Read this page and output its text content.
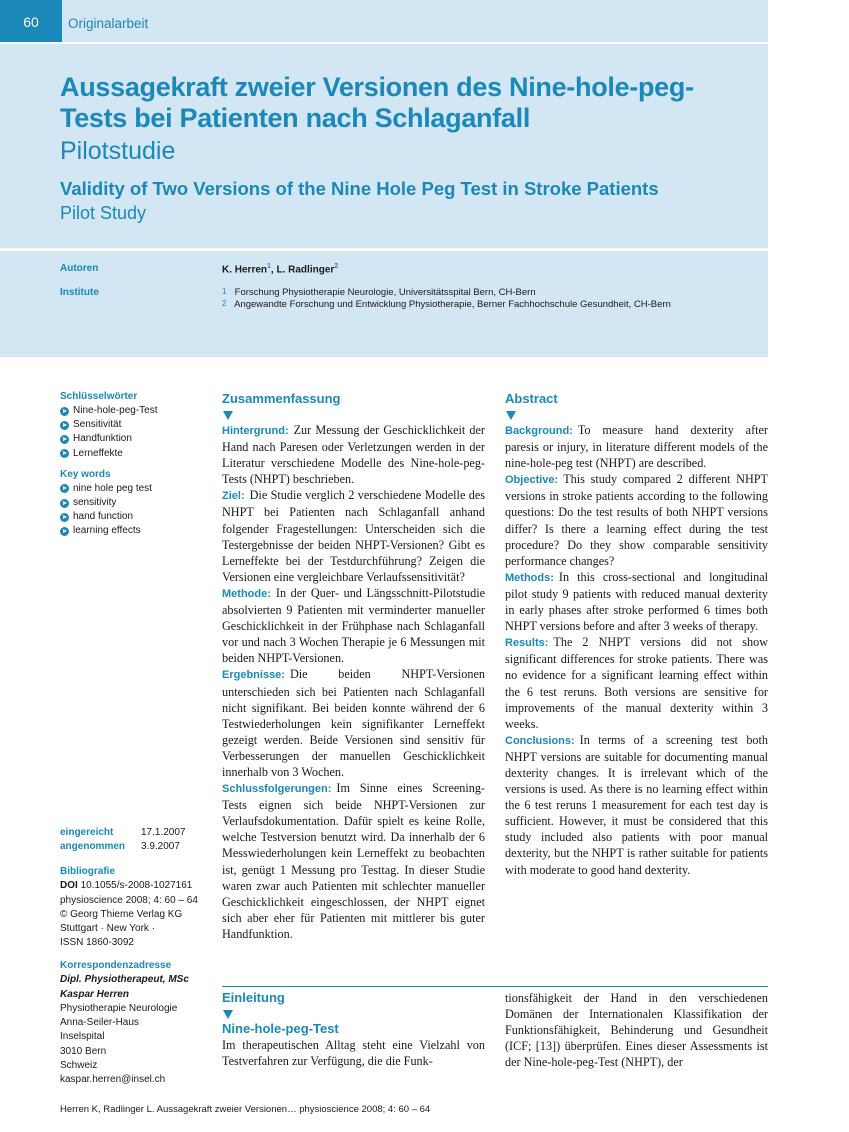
60	Originalarbeit
Aussagekraft zweier Versionen des Nine-hole-peg-Tests bei Patienten nach Schlaganfall
Pilotstudie
Validity of Two Versions of the Nine Hole Peg Test in Stroke Patients
Pilot Study
Autoren	K. Herren$^1$, L. Radlinger$^2$
Institute	1 Forschung Physiotherapie Neurologie, Universitätsspital Bern, CH-Bern
2 Angewandte Forschung und Entwicklung Physiotherapie, Berner Fachhochschule Gesundheit, CH-Bern
Schlüsselwörter
Nine-hole-peg-Test
Sensitivität
Handfunktion
Lerneffekte
Key words
nine hole peg test
sensitivity
hand function
learning effects
eingereicht	17.1.2007
angenommen 3.9.2007
Bibliografie
DOI 10.1055/s-2008-1027161
physioscience 2008; 4: 60 – 64
© Georg Thieme Verlag KG
Stuttgart · New York ·
ISSN 1860-3092
Korrespondenzadresse
Dipl. Physiotherapeut, MSc
Kaspar Herren
Physiotherapie Neurologie
Anna-Seiler-Haus
Inselspital
3010 Bern
Schweiz
kaspar.herren@insel.ch
Zusammenfassung
Hintergrund: Zur Messung der Geschicklichkeit der Hand nach Paresen oder Verletzungen werden in der Literatur verschiedene Modelle des Nine-hole-peg-Tests (NHPT) beschrieben.
Ziel: Die Studie verglich 2 verschiedene Modelle des NHPT bei Patienten nach Schlaganfall anhand folgender Fragestellungen: Unterscheiden sich die Testergebnisse der beiden NHPT-Versionen? Gibt es Lerneffekte bei der Testdurchführung? Zeigen die Versionen eine vergleichbare Verlaufssensitivität?
Methode: In der Quer- und Längsschnitt-Pilotstudie absolvierten 9 Patienten mit verminderter manueller Geschicklichkeit in der Frühphase nach Schlaganfall vor und nach 3 Wochen Therapie je 6 Messungen mit beiden NHPT-Versionen.
Ergebnisse: Die beiden NHPT-Versionen unterschieden sich bei Patienten nach Schlaganfall nicht signifikant. Bei beiden konnte während der 6 Testwiederholungen kein signifikanter Lerneffekt gezeigt werden. Beide Versionen sind sensitiv für Verbesserungen der manuellen Geschicklichkeit innerhalb von 3 Wochen.
Schlussfolgerungen: Im Sinne eines Screening-Tests eignen sich beide NHPT-Versionen zur Verlaufsdokumentation. Dafür spielt es keine Rolle, welche Testversion benutzt wird. Da innerhalb der 6 Messwiederholungen kein Lerneffekt zu beobachten ist, genügt 1 Messung pro Testtag. In dieser Studie waren zwar auch Patienten mit schlechter manueller Geschicklichkeit eingeschlossen, der NHPT eignet sich aber eher für Patienten mit mittlerer bis guter Handfunktion.
Abstract
Background: To measure hand dexterity after paresis or injury, in literature different models of the nine-hole-peg test (NHPT) are described.
Objective: This study compared 2 different NHPT versions in stroke patients according to the following questions: Do the test results of both NHPT versions differ? Is there a learning effect during the test procedure? Do they show comparable sensitivity performance changes?
Methods: In this cross-sectional and longitudinal pilot study 9 patients with reduced manual dexterity in early phases after stroke performed 6 times both NHPT versions before and after 3 weeks of therapy.
Results: The 2 NHPT versions did not show significant differences for stroke patients. There was no evidence for a significant learning effect within the 6 test reruns. Both versions are sensitive for improvements of the manual dexterity within 3 weeks.
Conclusions: In terms of a screening test both NHPT versions are suitable for documenting manual dexterity changes. It is irrelevant which of the versions is used. As there is no learning effect within the 6 test reruns 1 measurement for each test day is sufficient. However, it must be considered that this study included also patients with poor manual dexterity, but the NHPT is rather suitable for patients with moderate to good hand dexterity.
Einleitung
Nine-hole-peg-Test
Im therapeutischen Alltag steht eine Vielzahl von Testverfahren zur Verfügung, die die Funk-
tionsfähigkeit der Hand in den verschiedenen Domänen der Internationalen Klassifikation der Funktionsfähigkeit, Behinderung und Gesundheit (ICF; [13]) überprüfen. Eines dieser Assessments ist der Nine-hole-peg-Test (NHPT), der
Herren K, Radlinger L. Aussagekraft zweier Versionen… physioscience 2008; 4: 60 – 64
